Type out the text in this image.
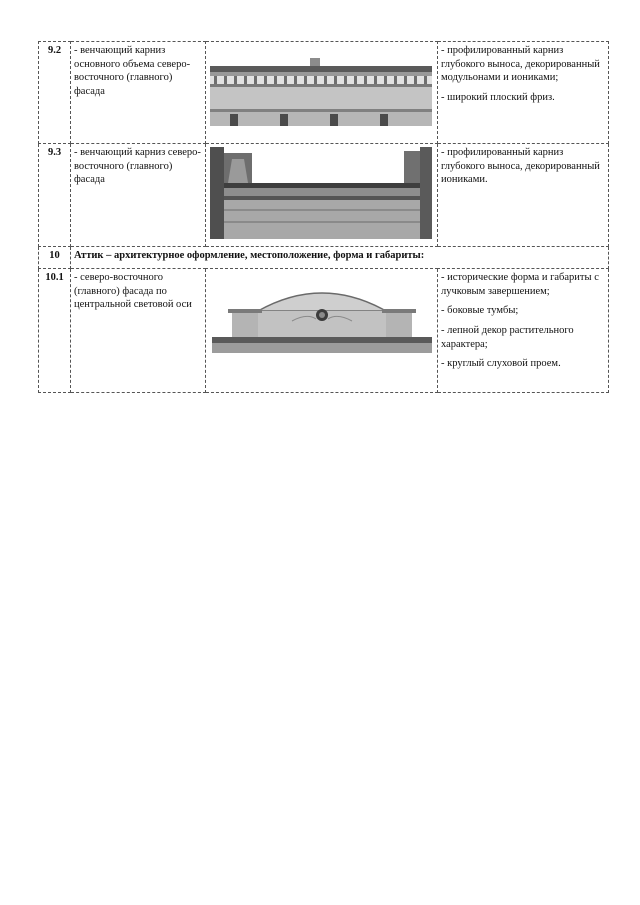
9.2	- венчающий карниз основного объема северо-восточного (главного) фасада		- профилированный карниз глубокого выноса, декорированный модульонами и иониками;

- широкий плоский фриз.

9.3	- венчающий карниз северо-восточного (главного) фасада		- профилированный карниз глубокого выноса, декорированный иониками.

10	Аттик – архитектурное оформление, местоположение, форма и габариты:		
10.1	- северо-восточного (главного) фасада по центральной световой оси		- исторические форма и габариты с лучковым завершением;

- боковые тумбы;

- лепной декор растительного характера;

- круглый слуховой проем.
